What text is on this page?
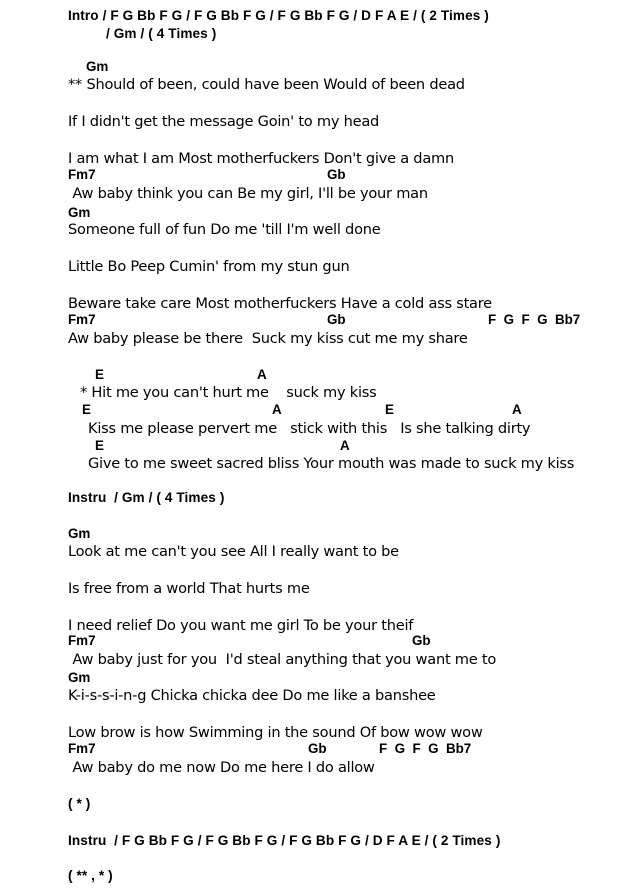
Intro / F G Bb F G / F G Bb F G / F G Bb F G / D F A E / ( 2 Times )
/ Gm / ( 4 Times )
Gm
** Should of been, could have been Would of been dead
If I didn't get the message Goin' to my head
I am what I am Most motherfuckers Don't give a damn
Fm7	Gb
Aw baby think you can Be my girl, I'll be your man
Gm
Someone full of fun Do me 'till I'm well done
Little Bo Peep Cumin' from my stun gun
Beware take care Most motherfuckers Have a cold ass stare
Fm7	Gb	F  G  F  G  Bb7
Aw baby please be there  Suck my kiss cut me my share
E	A
* Hit me you can't hurt me    suck my kiss
E	A	E	A
Kiss me please pervert me   stick with this   Is she talking dirty
E	A
Give to me sweet sacred bliss Your mouth was made to suck my kiss
Instru  / Gm / ( 4 Times )
Gm
Look at me can't you see All I really want to be
Is free from a world That hurts me
I need relief Do you want me girl To be your theif
Fm7	Gb
Aw baby just for you  I'd steal anything that you want me to
Gm
K-i-s-s-i-n-g Chicka chicka dee Do me like a banshee
Low brow is how Swimming in the sound Of bow wow wow
Fm7	Gb	F  G  F  G  Bb7
Aw baby do me now Do me here I do allow
( * )
Instru  / F G Bb F G / F G Bb F G / F G Bb F G / D F A E / ( 2 Times )
( ** , * )
